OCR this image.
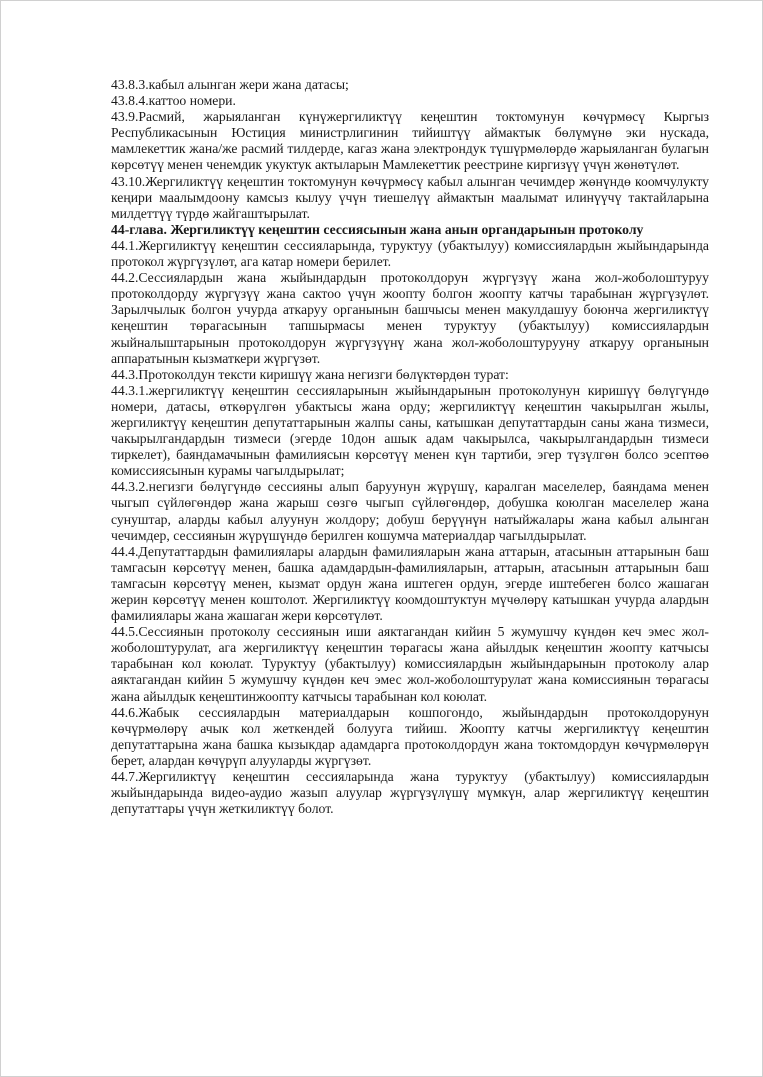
43.8.3.кабыл алынган жери жана датасы;

43.8.4.каттоо номери.

43.9.Расмий, жарыяланган күнүжергиликтүү кеңештин токтомунун көчүрмөсү Кыргыз Республикасынын Юстиция министрлигинин тийиштүү аймактык бөлүмүнө эки нускада, мамлекеттик жана/же расмий тилдерде, кагаз жана электрондук түшүрмөлөрдө жарыяланган булагын көрсөтүү менен ченемдик укуктук актыларын Мамлекеттик реестрине киргизүү үчүн жөнөтүлөт.

43.10.Жергиликтүү кеңештин токтомунун көчүрмөсү кабыл алынган чечимдер жөнүндө коомчулукту кеңири маалымдоону камсыз кылуу үчүн тиешелүү аймактын маалымат илинүүчү тактайларына милдеттүү түрдө жайгаштырылат.

44-глава. Жергиликтүү кеңештин сессиясынын жана анын органдарынын протоколу

44.1.Жергиликтүү кеңештин сессияларында, туруктуу (убактылуу) комиссиялардын жыйындарында протокол жүргүзүлөт, ага катар номери берилет.

44.2.Сессиялардын жана жыйындардын протоколдорун жүргүзүү жана жол-жоболоштуруу протоколдорду жүргүзүү жана сактоо үчүн жоопту болгон жоопту катчы тарабынан жүргүзүлөт. Зарылчылык болгон учурда аткаруу органынын башчысы менен макулдашуу боюнча жергиликтүү кеңештин төрагасынын тапшырмасы менен туруктуу (убактылуу) комиссиялардын жыйналыштарынын протоколдорун жүргүзүүнү жана жол-жоболоштурууну аткаруу органынын аппаратынын кызматкери жүргүзөт.

44.3.Протоколдун тексти киришүү жана негизги бөлүктөрдөн турат:

44.3.1.жергиликтүү кеңештин сессияларынын жыйындарынын протоколунун киришүү бөлүгүндө номери, датасы, өткөрүлгөн убактысы жана орду; жергиликтүү кеңештин чакырылган жылы, жергиликтүү кеңештин депутаттарынын жалпы саны, катышкан депутаттардын саны жана тизмеси, чакырылгандардын тизмеси (эгерде 10дон ашык адам чакырылса, чакырылгандардын тизмеси тиркелет), баяндамачынын фамилиясын көрсөтүү менен күн тартиби, эгер түзүлгөн болсо эсептөө комиссиясынын курамы чагылдырылат;

44.3.2.негизги бөлүгүндө сессияны алып баруунун жүрүшү, каралган маселелер, баяндама менен чыгып сүйлөгөндөр жана жарыш сөзгө чыгып сүйлөгөндөр, добушка коюлган маселелер жана сунуштар, аларды кабыл алуунун жолдору; добуш берүүнүн натыйжалары жана кабыл алынган чечимдер, сессиянын жүрүшүндө берилген кошумча материалдар чагылдырылат.

44.4.Депутаттардын фамилиялары алардын фамилияларын жана аттарын, атасынын аттарынын баш тамгасын көрсөтүү менен, башка адамдардын-фамилияларын, аттарын, атасынын аттарынын баш тамгасын көрсөтүү менен, кызмат ордун жана иштеген ордун, эгерде иштебеген болсо жашаган жерин көрсөтүү менен коштолот. Жергиликтүү коомдоштуктун мүчөлөрү катышкан учурда алардын фамилиялары жана жашаган жери көрсөтүлөт.

44.5.Сессиянын протоколу сессиянын иши аяктагандан кийин 5 жумушчу күндөн кеч эмес жол-жоболоштурулат, ага жергиликтүү кеңештин төрагасы жана айылдык кеңештин жоопту катчысы тарабынан кол коюлат. Туруктуу (убактылуу) комиссиялардын жыйындарынын протоколу алар аяктагандан кийин 5 жумушчу күндөн кеч эмес жол-жоболоштурулат жана комиссиянын төрагасы жана айылдык кеңештинжоопту катчысы тарабынан кол коюлат.

44.6.Жабык сессиялардын материалдарын кошпогондо, жыйындардын протоколдорунун көчүрмөлөрү ачык кол жеткендей болууга тийиш. Жоопту катчы жергиликтүү кеңештин депутаттарына жана башка кызыкдар адамдарга протоколдордун жана токтомдордун көчүрмөлөрүн берет, алардан көчүрүп алууларды жүргүзөт.

44.7.Жергиликтүү кеңештин сессияларында жана туруктуу (убактылуу) комиссиялардын жыйындарында видео-аудио жазып алуулар жүргүзүлүшү мүмкүн, алар жергиликтүү кеңештин депутаттары үчүн жеткиликтүү болот.
